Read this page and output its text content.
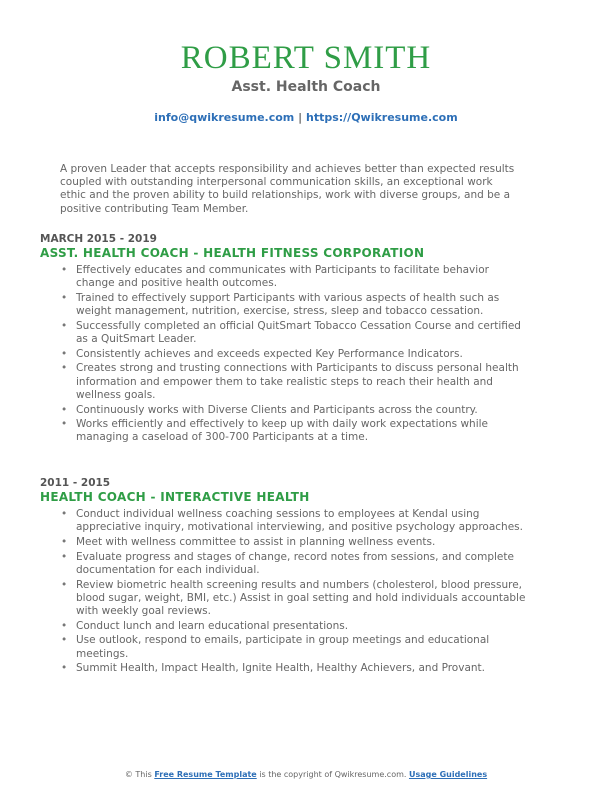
ROBERT SMITH
Asst. Health Coach
info@qwikresume.com | https://Qwikresume.com
A proven Leader that accepts responsibility and achieves better than expected results coupled with outstanding interpersonal communication skills, an exceptional work ethic and the proven ability to build relationships, work with diverse groups, and be a positive contributing Team Member.
MARCH 2015 - 2019
ASST. HEALTH COACH - HEALTH FITNESS CORPORATION
• Effectively educates and communicates with Participants to facilitate behavior change and positive health outcomes.
• Trained to effectively support Participants with various aspects of health such as weight management, nutrition, exercise, stress, sleep and tobacco cessation.
• Successfully completed an official QuitSmart Tobacco Cessation Course and certified as a QuitSmart Leader.
• Consistently achieves and exceeds expected Key Performance Indicators.
• Creates strong and trusting connections with Participants to discuss personal health information and empower them to take realistic steps to reach their health and wellness goals.
• Continuously works with Diverse Clients and Participants across the country.
• Works efficiently and effectively to keep up with daily work expectations while managing a caseload of 300-700 Participants at a time.
2011 - 2015
HEALTH COACH - INTERACTIVE HEALTH
• Conduct individual wellness coaching sessions to employees at Kendal using appreciative inquiry, motivational interviewing, and positive psychology approaches.
• Meet with wellness committee to assist in planning wellness events.
• Evaluate progress and stages of change, record notes from sessions, and complete documentation for each individual.
• Review biometric health screening results and numbers (cholesterol, blood pressure, blood sugar, weight, BMI, etc.) Assist in goal setting and hold individuals accountable with weekly goal reviews.
• Conduct lunch and learn educational presentations.
• Use outlook, respond to emails, participate in group meetings and educational meetings.
• Summit Health, Impact Health, Ignite Health, Healthy Achievers, and Provant.
© This Free Resume Template is the copyright of Qwikresume.com. Usage Guidelines
